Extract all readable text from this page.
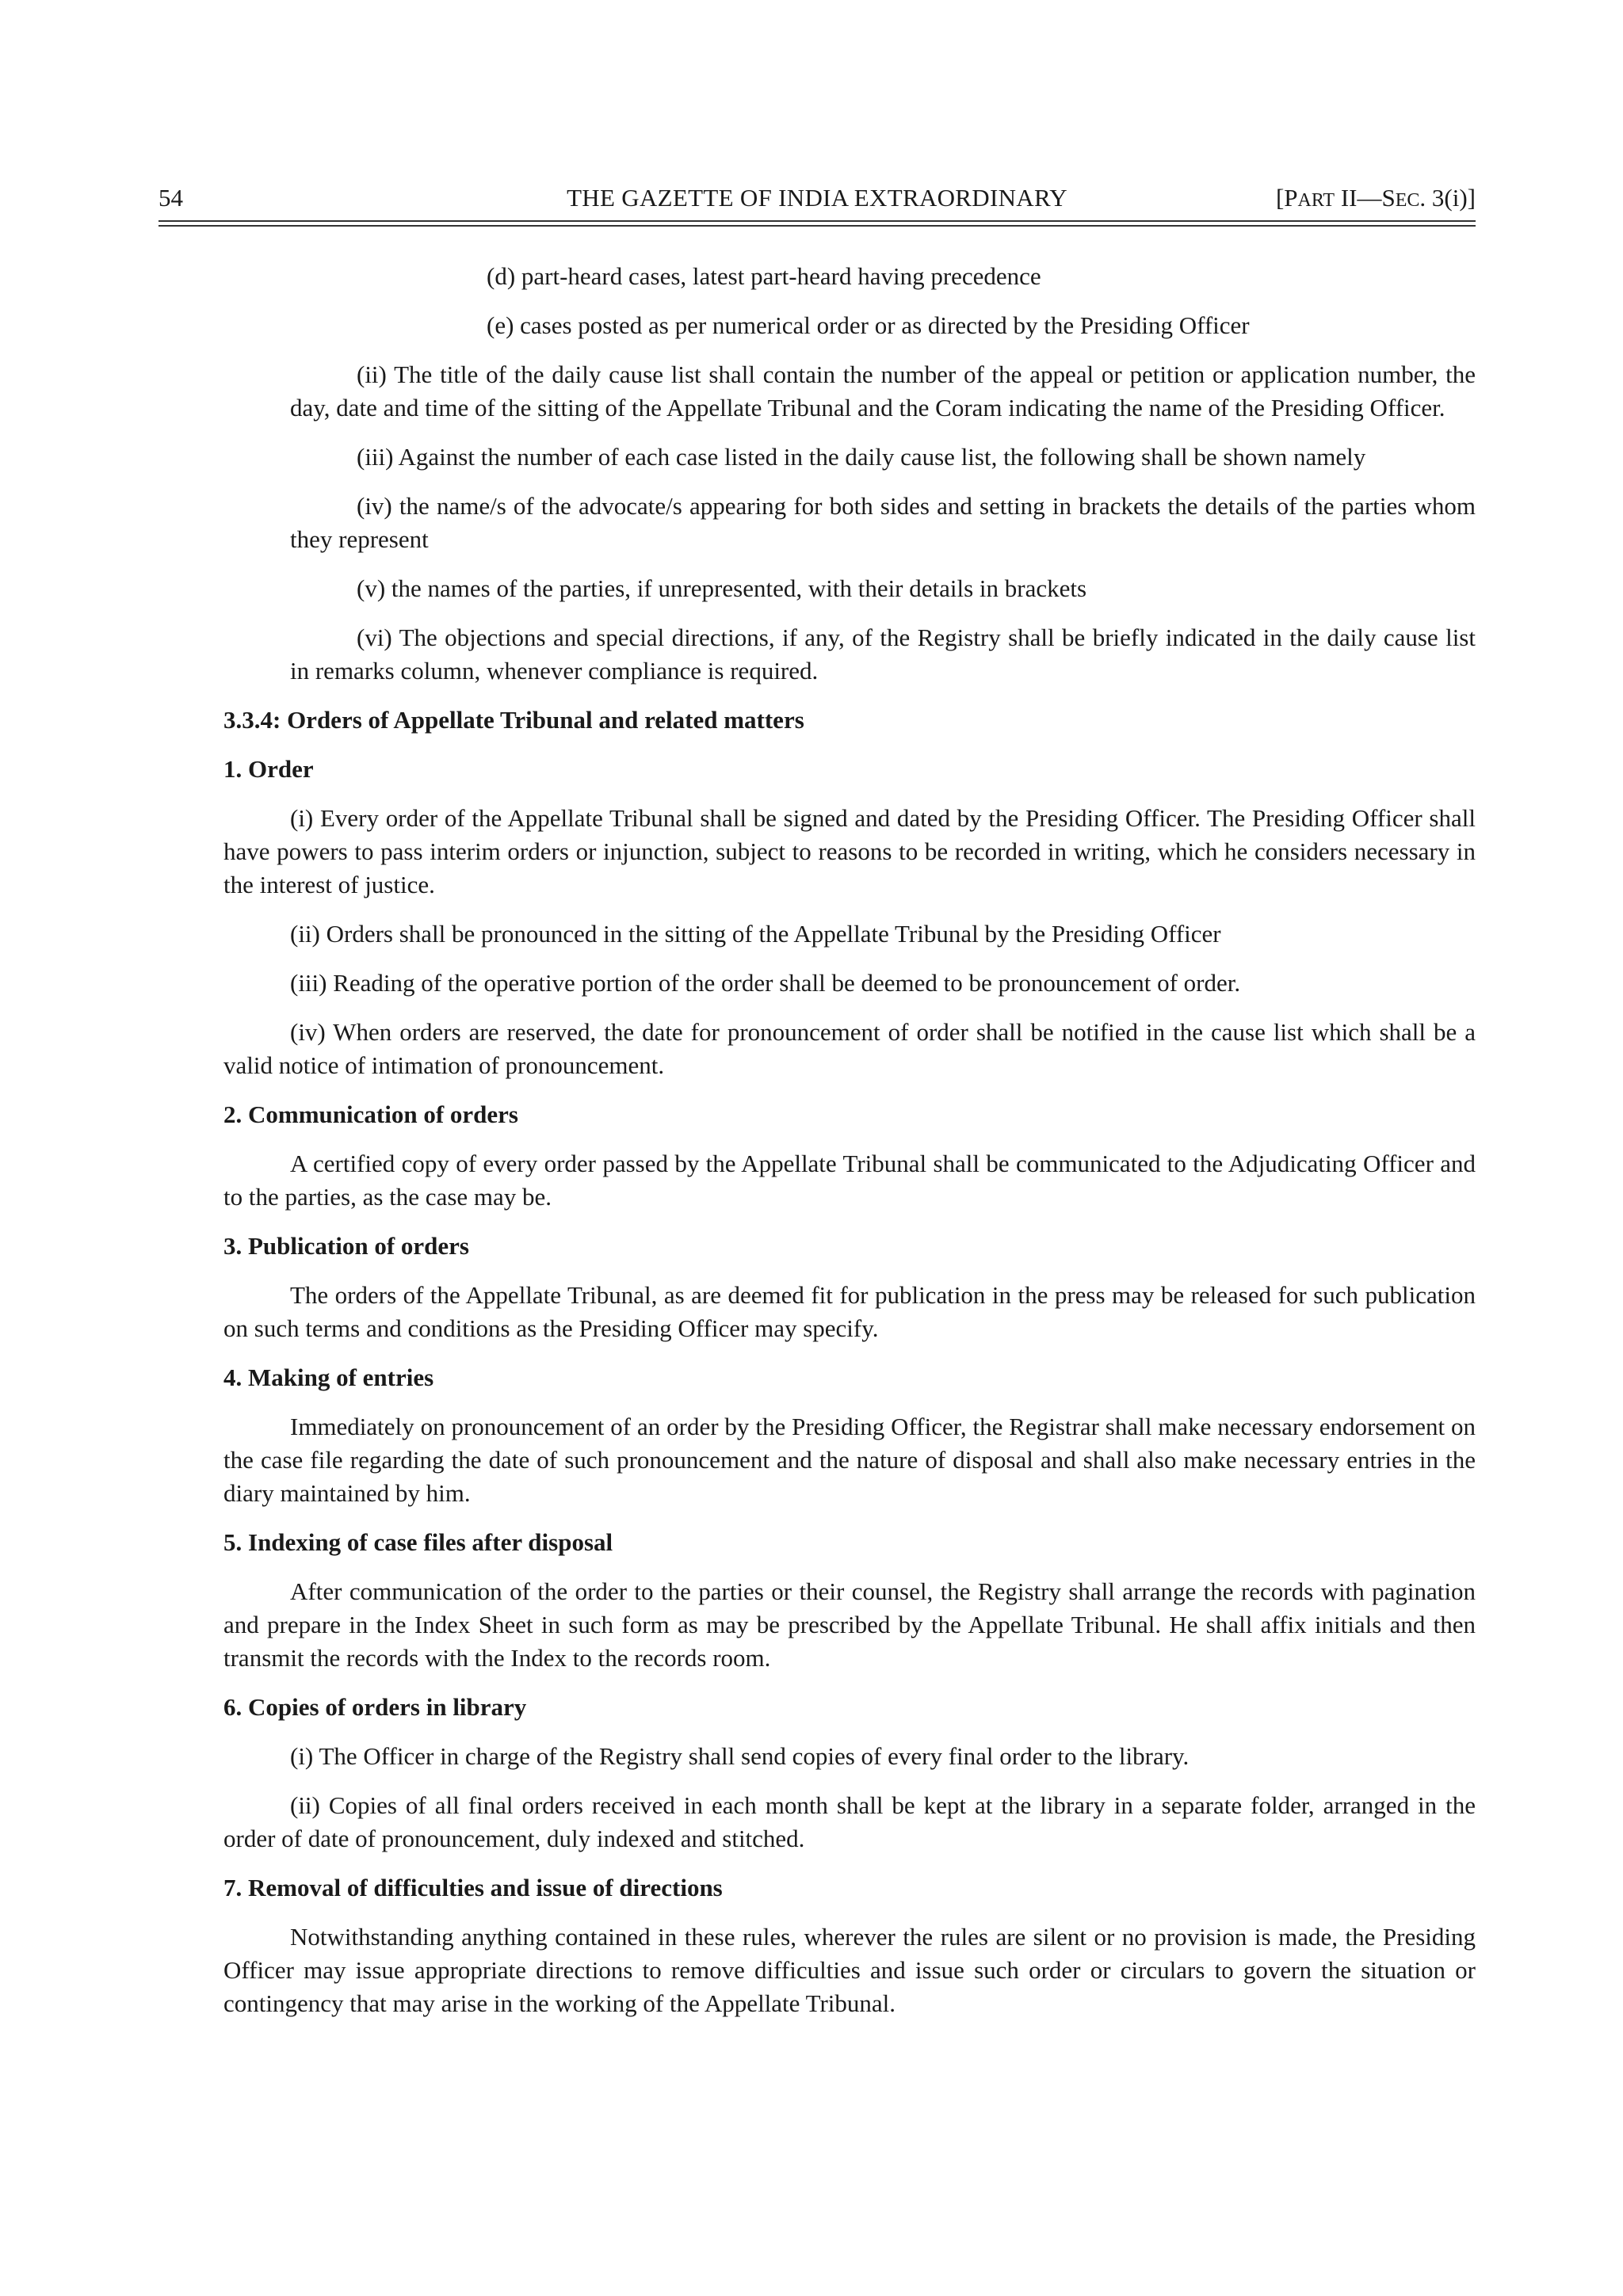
54	THE GAZETTE OF INDIA EXTRAORDINARY	[PART II—SEC. 3(i)]

(d) part-heard cases, latest part-heard having precedence

(e) cases posted as per numerical order or as directed by the Presiding Officer

(ii) The title of the daily cause list shall contain the number of the appeal or petition or application number, the day, date and time of the sitting of the Appellate Tribunal and the Coram indicating the name of the Presiding Officer.

(iii) Against the number of each case listed in the daily cause list, the following shall be shown namely

(iv) the name/s of the advocate/s appearing for both sides and setting in brackets the details of the parties whom they represent

(v) the names of the parties, if unrepresented, with their details in brackets

(vi) The objections and special directions, if any, of the Registry shall be briefly indicated in the daily cause list in remarks column, whenever compliance is required.

3.3.4: Orders of Appellate Tribunal and related matters

1. Order

(i) Every order of the Appellate Tribunal shall be signed and dated by the Presiding Officer. The Presiding Officer shall have powers to pass interim orders or injunction, subject to reasons to be recorded in writing, which he considers necessary in the interest of justice.

(ii) Orders shall be pronounced in the sitting of the Appellate Tribunal by the Presiding Officer

(iii) Reading of the operative portion of the order shall be deemed to be pronouncement of order.

(iv) When orders are reserved, the date for pronouncement of order shall be notified in the cause list which shall be a valid notice of intimation of pronouncement.

2. Communication of orders

A certified copy of every order passed by the Appellate Tribunal shall be communicated to the Adjudicating Officer and to the parties, as the case may be.

3. Publication of orders

The orders of the Appellate Tribunal, as are deemed fit for publication in the press may be released for such publication on such terms and conditions as the Presiding Officer may specify.

4. Making of entries

Immediately on pronouncement of an order by the Presiding Officer, the Registrar shall make necessary endorsement on the case file regarding the date of such pronouncement and the nature of disposal and shall also make necessary entries in the diary maintained by him.

5. Indexing of case files after disposal

After communication of the order to the parties or their counsel, the Registry shall arrange the records with pagination and prepare in the Index Sheet in such form as may be prescribed by the Appellate Tribunal. He shall affix initials and then transmit the records with the Index to the records room.

6. Copies of orders in library

(i) The Officer in charge of the Registry shall send copies of every final order to the library.

(ii) Copies of all final orders received in each month shall be kept at the library in a separate folder, arranged in the order of date of pronouncement, duly indexed and stitched.

7. Removal of difficulties and issue of directions

Notwithstanding anything contained in these rules, wherever the rules are silent or no provision is made, the Presiding Officer may issue appropriate directions to remove difficulties and issue such order or circulars to govern the situation or contingency that may arise in the working of the Appellate Tribunal.
